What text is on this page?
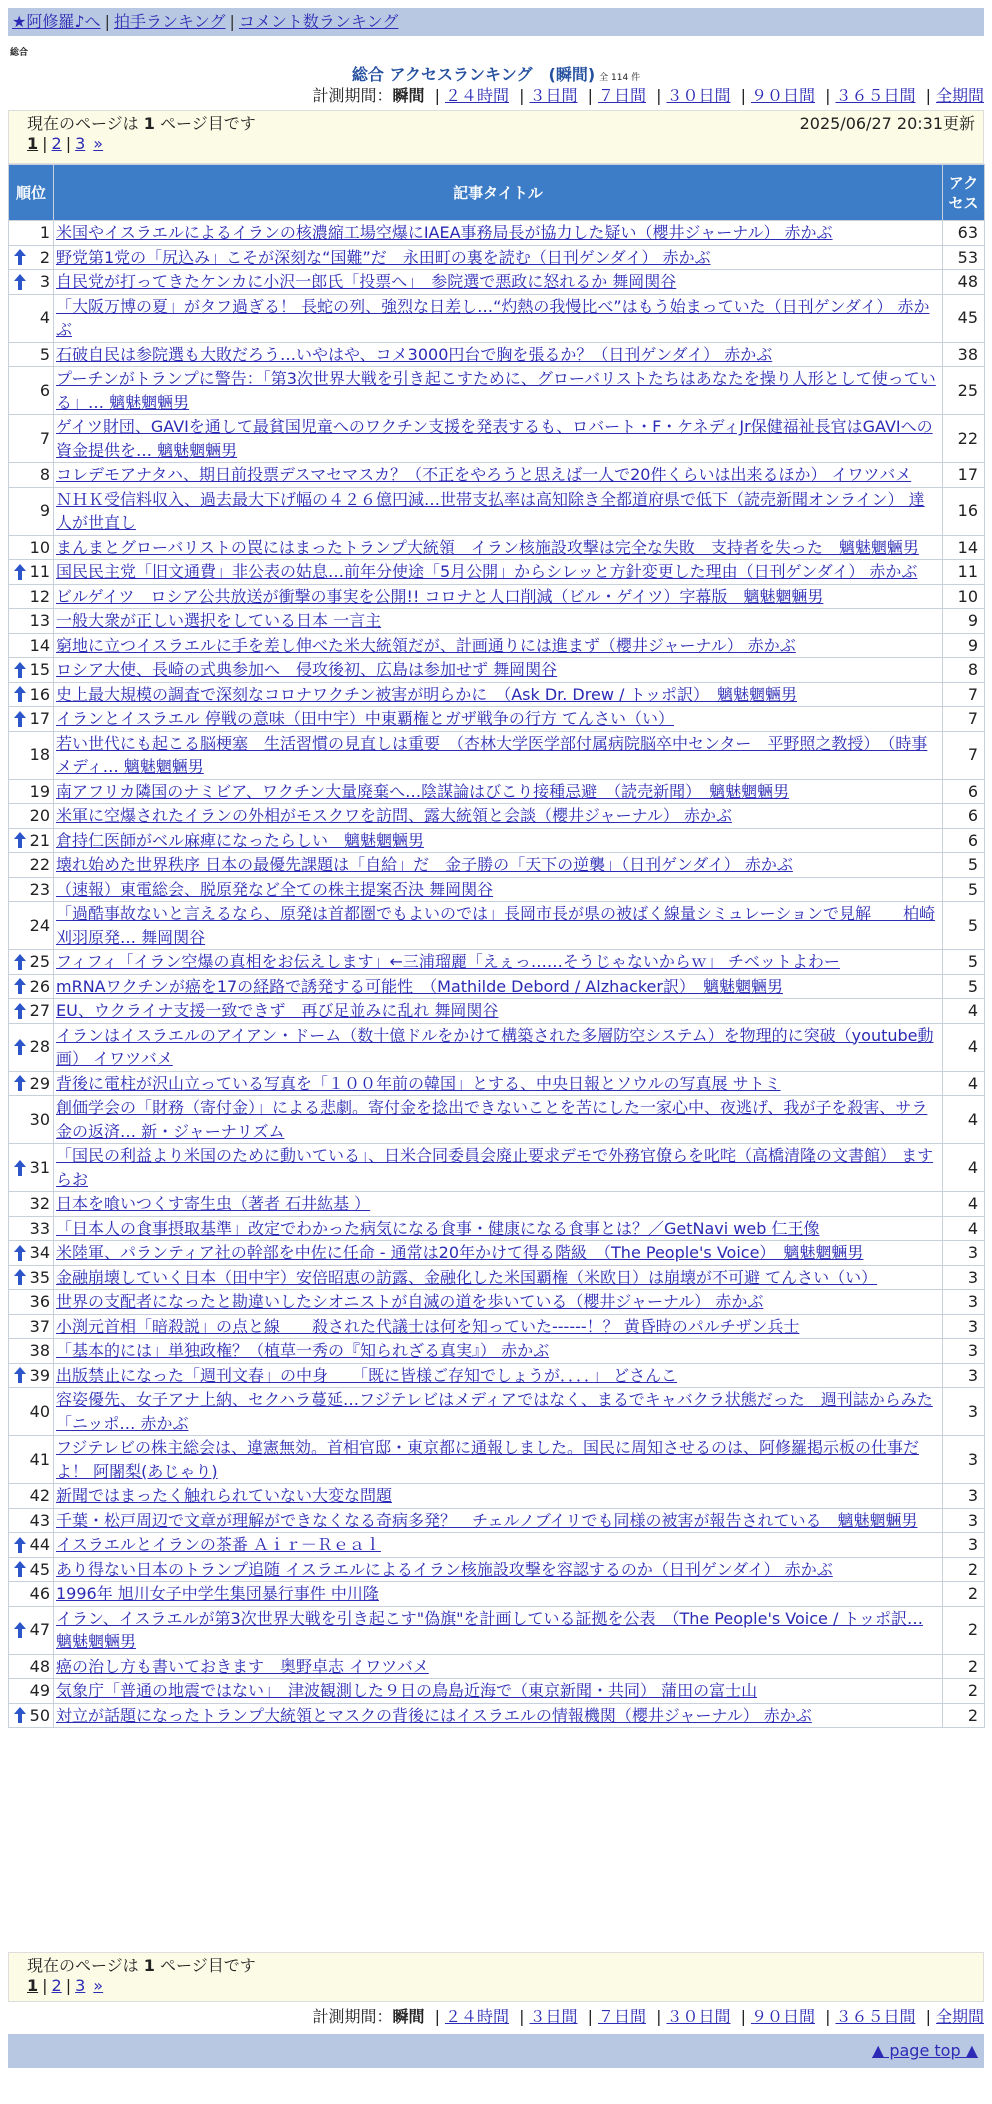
★阿修羅♪へ | 拍手ランキング | コメント数ランキング
総合
総合 アクセスランキング　(瞬間) 全 114 件
計測期間：瞬間 | ２４時間 | ３日間 | ７日間 | ３０日間 | ９０日間 | ３６５日間 | 全期間
現在のページは 1 ページ目です	2025/06/27 20:31更新
1 | 2 | 3 »
順位	記事タイトル	アクセス
1	米国やイスラエルによるイランの核濃縮工場空爆にIAEA事務局長が協力した疑い（櫻井ジャーナル） 赤かぶ	63

2	野党第1党の「尻込み」こそが深刻な“国難”だ　永田町の裏を読む（日刊ゲンダイ） 赤かぶ	53

3	自民党が打ってきたケンカに小沢一郎氏「投票へ」　参院選で悪政に怒れるか 舞岡関谷	48
4	「大阪万博の夏」がタフ過ぎる！ 長蛇の列、強烈な日差し…“灼熱の我慢比べ”はもう始まっていた（日刊ゲンダイ） 赤かぶ	45
5	石破自民は参院選も大敗だろう…いやはや、コメ3000円台で胸を張るか？（日刊ゲンダイ） 赤かぶ	38
6	プーチンがトランプに警告：「第3次世界大戦を引き起こすために、グローバリストたちはあなたを操り人形として使っている」… 魑魅魍魎男	25
7	ゲイツ財団、GAVIを通して最貧国児童へのワクチン支援を発表するも、ロバート・F・ケネディJr保健福祉長官はGAVIへの資金提供を… 魑魅魍魎男	22
8	コレデモアナタハ、期日前投票デスマセマスカ？（不正をやろうと思えば一人で20件くらいは出来るほか） イワツバメ	17
9	ＮＨＫ受信料収入、過去最大下げ幅の４２６億円減…世帯支払率は高知除き全都道府県で低下（読売新聞オンライン） 達人が世直し	16
10	まんまとグローバリストの罠にはまったトランプ大統領　イラン核施設攻撃は完全な失敗　支持者を失った　魑魅魍魎男	14

11	国民民主党「旧文通費」非公表の姑息…前年分使途「5月公開」からシレッと方針変更した理由（日刊ゲンダイ） 赤かぶ	11
12	ビルゲイツ　ロシア公共放送が衝撃の事実を公開!! コロナと人口削減（ビル・ゲイツ）字幕版　魑魅魍魎男	10
13	一般大衆が正しい選択をしている日本 一言主	9
14	窮地に立つイスラエルに手を差し伸べた米大統領だが、計画通りには進まず（櫻井ジャーナル） 赤かぶ	9

15	ロシア大使、長崎の式典参加へ　侵攻後初、広島は参加せず 舞岡関谷	8

16	史上最大規模の調査で深刻なコロナワクチン被害が明らかに　（Ask Dr. Drew / トッポ訳）　魑魅魍魎男	7

17	イランとイスラエル 停戦の意味（田中宇）中東覇権とガザ戦争の行方 てんさい（い）	7
18	若い世代にも起こる脳梗塞　生活習慣の見直しは重要　（杏林大学医学部付属病院脳卒中センター　平野照之教授）　（時事メディ… 魑魅魍魎男	7
19	南アフリカ隣国のナミビア、ワクチン大量廃棄へ…陰謀論はびこり接種忌避　（読売新聞）　魑魅魍魎男	6
20	米軍に空爆されたイランの外相がモスクワを訪問、露大統領と会談（櫻井ジャーナル） 赤かぶ	6

21	倉持仁医師がベル麻痺になったらしい　魑魅魍魎男	6
22	壊れ始めた世界秩序 日本の最優先課題は「自給」だ　金子勝の「天下の逆襲」（日刊ゲンダイ） 赤かぶ	5
23	（速報）東電総会、脱原発など全ての株主提案否決 舞岡関谷	5
24	「過酷事故ないと言えるなら、原発は首都圏でもよいのでは」長岡市長が県の被ばく線量シミュレーションで見解　　柏崎刈羽原発… 舞岡関谷	5

25	フィフィ「イラン空爆の真相をお伝えします」←三浦瑠麗「えぇっ……そうじゃないからｗ」 チベットよわー	5

26	mRNAワクチンが癌を17の経路で誘発する可能性　（Mathilde Debord / Alzhacker訳）　魑魅魍魎男	5

27	EU、ウクライナ支援一致できず　再び足並みに乱れ 舞岡関谷	4

28	イランはイスラエルのアイアン・ドーム（数十億ドルをかけて構築された多層防空システム）を物理的に突破（youtube動画） イワツバメ	4

29	背後に電柱が沢山立っている写真を「１００年前の韓国」とする、中央日報とソウルの写真展 サトミ	4
30	創価学会の「財務（寄付金）」による悲劇。寄付金を捻出できないことを苦にした一家心中、夜逃げ、我が子を殺害、サラ金の返済… 新・ジャーナリズム	4

31	「国民の利益より米国のために動いている」、日米合同委員会廃止要求デモで外務官僚らを叱咤（高橋清隆の文書館） ますらお	4
32	日本を喰いつくす寄生虫（著者 石井紘基 ）	4
33	「日本人の食事摂取基準」改定でわかった病気になる食事・健康になる食事とは？／GetNavi web 仁王像	4

34	米陸軍、パランティア社の幹部を中佐に任命 - 通常は20年かけて得る階級　（The People's Voice）　魑魅魍魎男	3

35	金融崩壊していく日本（田中宇）安倍昭恵の訪露、金融化した米国覇権（米欧日）は崩壊が不可避 てんさい（い）	3
36	世界の支配者になったと勘違いしたシオニストが自滅の道を歩いている（櫻井ジャーナル） 赤かぶ	3
37	小渕元首相「暗殺説」の点と線　　殺された代議士は何を知っていた------！？ 黄昏時のパルチザン兵士	3
38	「基本的には」単独政権？（植草一秀の『知られざる真実』） 赤かぶ	3

39	出版禁止になった「週刊文春」の中身　　「既に皆様ご存知でしょうが．．．．」 どさんこ	3
40	容姿優先、女子アナ上納、セクハラ蔓延…フジテレビはメディアではなく、まるでキャバクラ状態だった　週刊誌からみた「ニッポ… 赤かぶ	3
41	フジテレビの株主総会は、違憲無効。首相官邸・東京都に通報しました。国民に周知させるのは、阿修羅掲示板の仕事だよ！ 阿闍梨(あじゃり)	3
42	新聞ではまったく触れられていない大変な問題	3
43	千葉・松戸周辺で文章が理解ができなくなる奇病多発？　チェルノブイリでも同様の被害が報告されている　魑魅魍魎男	3

44	イスラエルとイランの茶番 Ａｉｒ－Ｒｅａｌ	3

45	あり得ない日本のトランプ追随 イスラエルによるイラン核施設攻撃を容認するのか（日刊ゲンダイ） 赤かぶ	2
46	1996年 旭川女子中学生集団暴行事件 中川隆	2

47	イラン、イスラエルが第3次世界大戦を引き起こす"偽旗"を計画している証拠を公表　（The People's Voice / トッポ訳… 魑魅魍魎男	2
48	癌の治し方も書いておきます　奥野卓志 イワツバメ	2
49	気象庁「普通の地震ではない」　津波観測した９日の鳥島近海で（東京新聞・共同） 蒲田の富士山	2

50	対立が話題になったトランプ大統領とマスクの背後にはイスラエルの情報機関（櫻井ジャーナル） 赤かぶ	2
現在のページは 1 ページ目です
1 | 2 | 3 »
計測期間：瞬間 | ２４時間 | ３日間 | ７日間 | ３０日間 | ９０日間 | ３６５日間 | 全期間
▲ page top ▲
